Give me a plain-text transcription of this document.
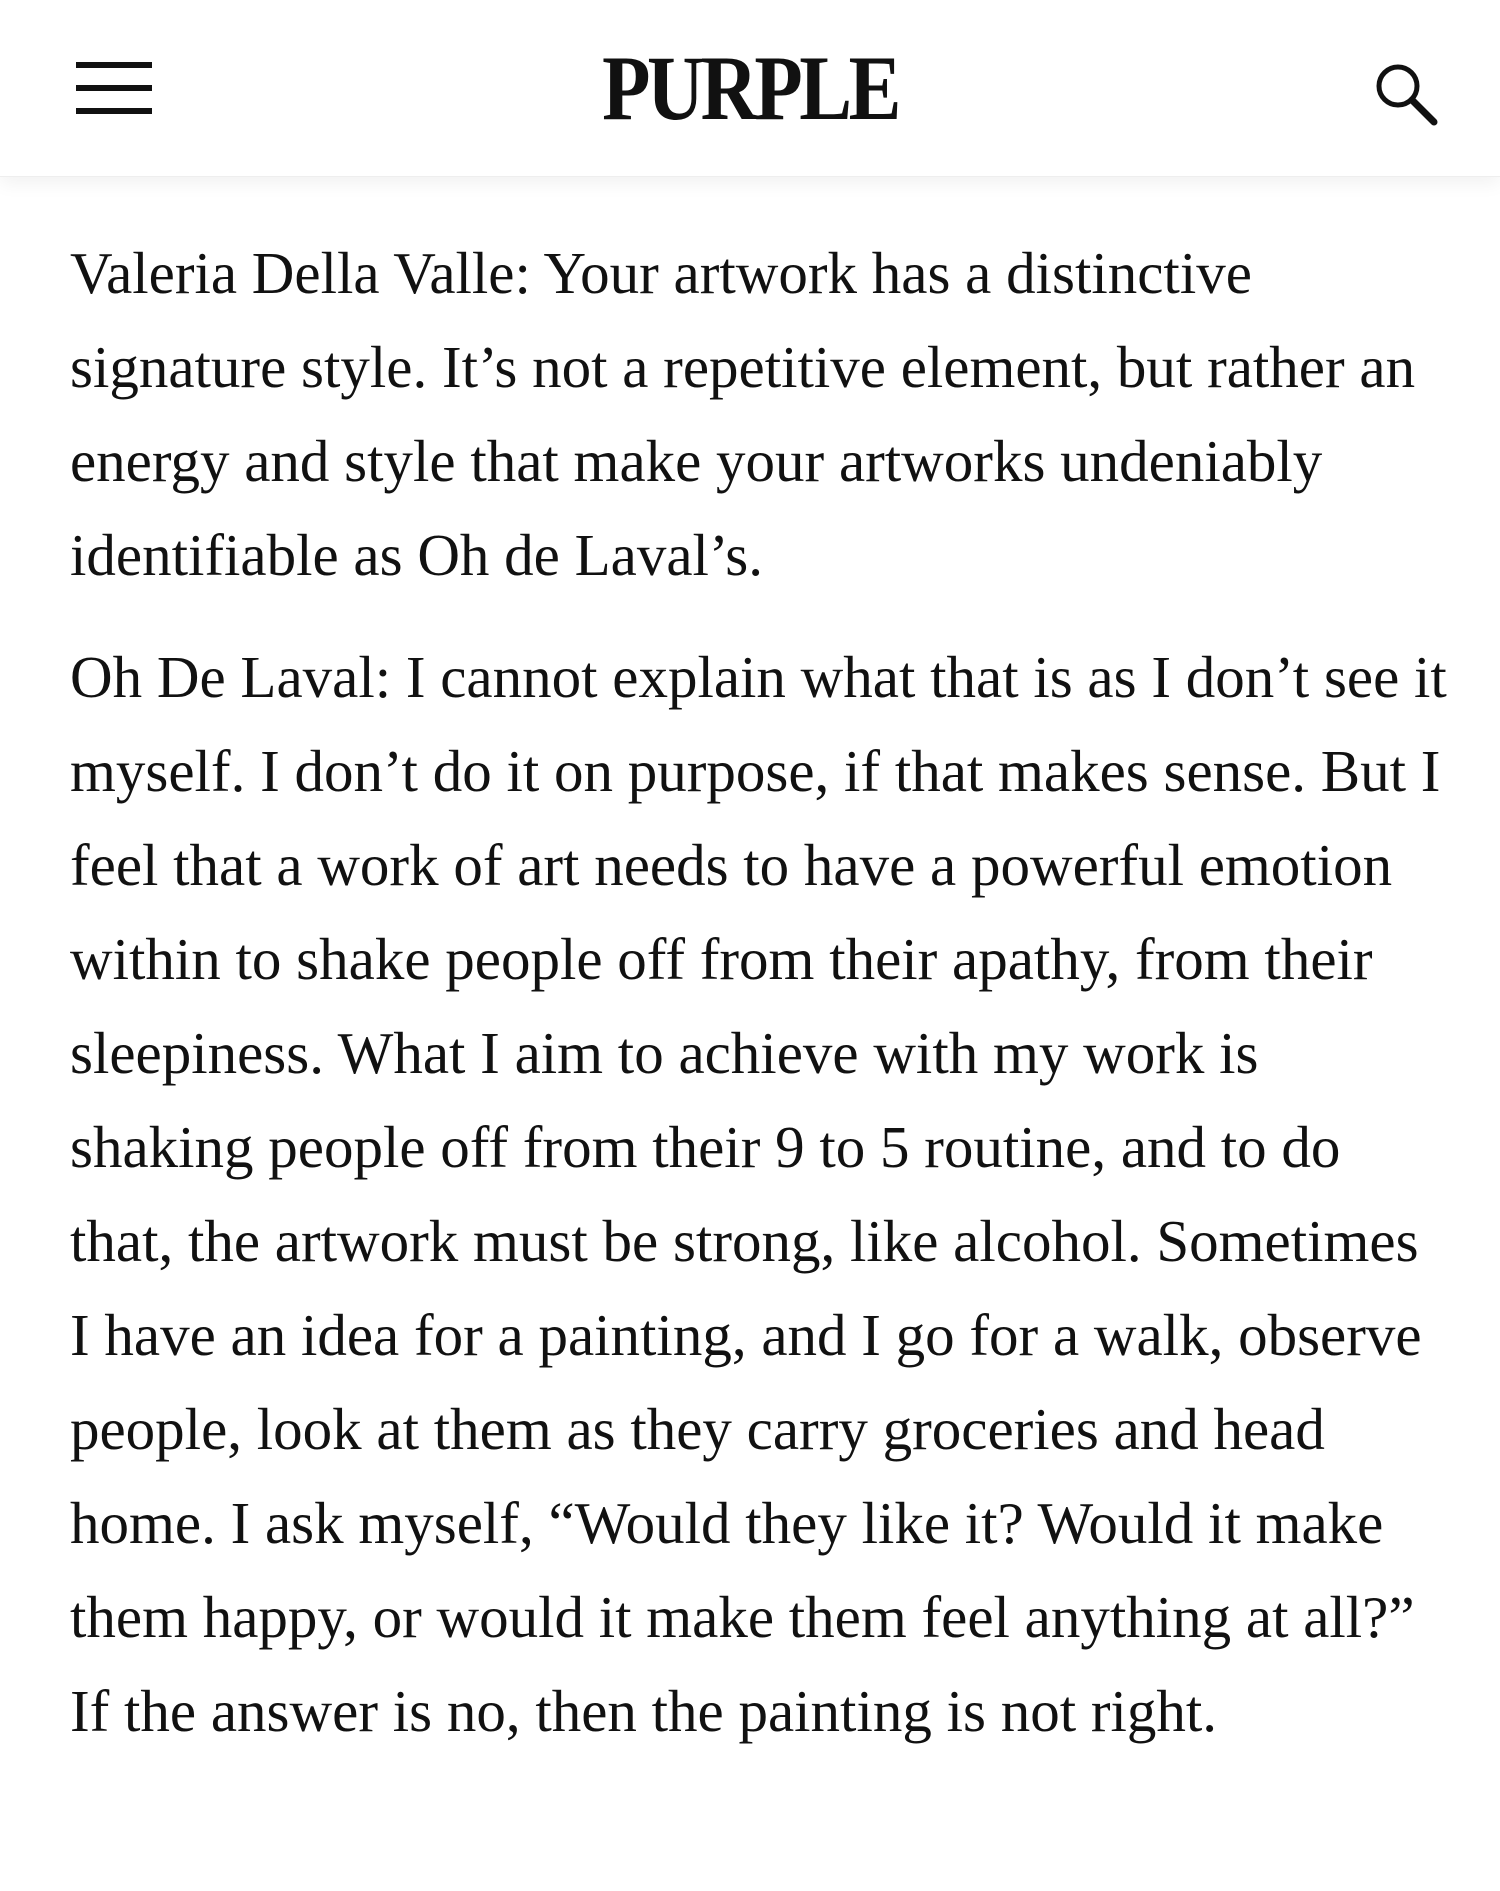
PURPLE

Valeria Della Valle: Your artwork has a distinctive signature style. It’s not a repetitive element, but rather an energy and style that make your artworks undeniably identifiable as Oh de Laval’s.

Oh De Laval: I cannot explain what that is as I don’t see it myself. I don’t do it on purpose, if that makes sense. But I feel that a work of art needs to have a powerful emotion within to shake people off from their apathy, from their sleepiness. What I aim to achieve with my work is shaking people off from their 9 to 5 routine, and to do that, the artwork must be strong, like alcohol. Sometimes I have an idea for a painting, and I go for a walk, observe people, look at them as they carry groceries and head home. I ask myself, “Would they like it? Would it make them happy, or would it make them feel anything at all?” If the answer is no, then the painting is not right.
